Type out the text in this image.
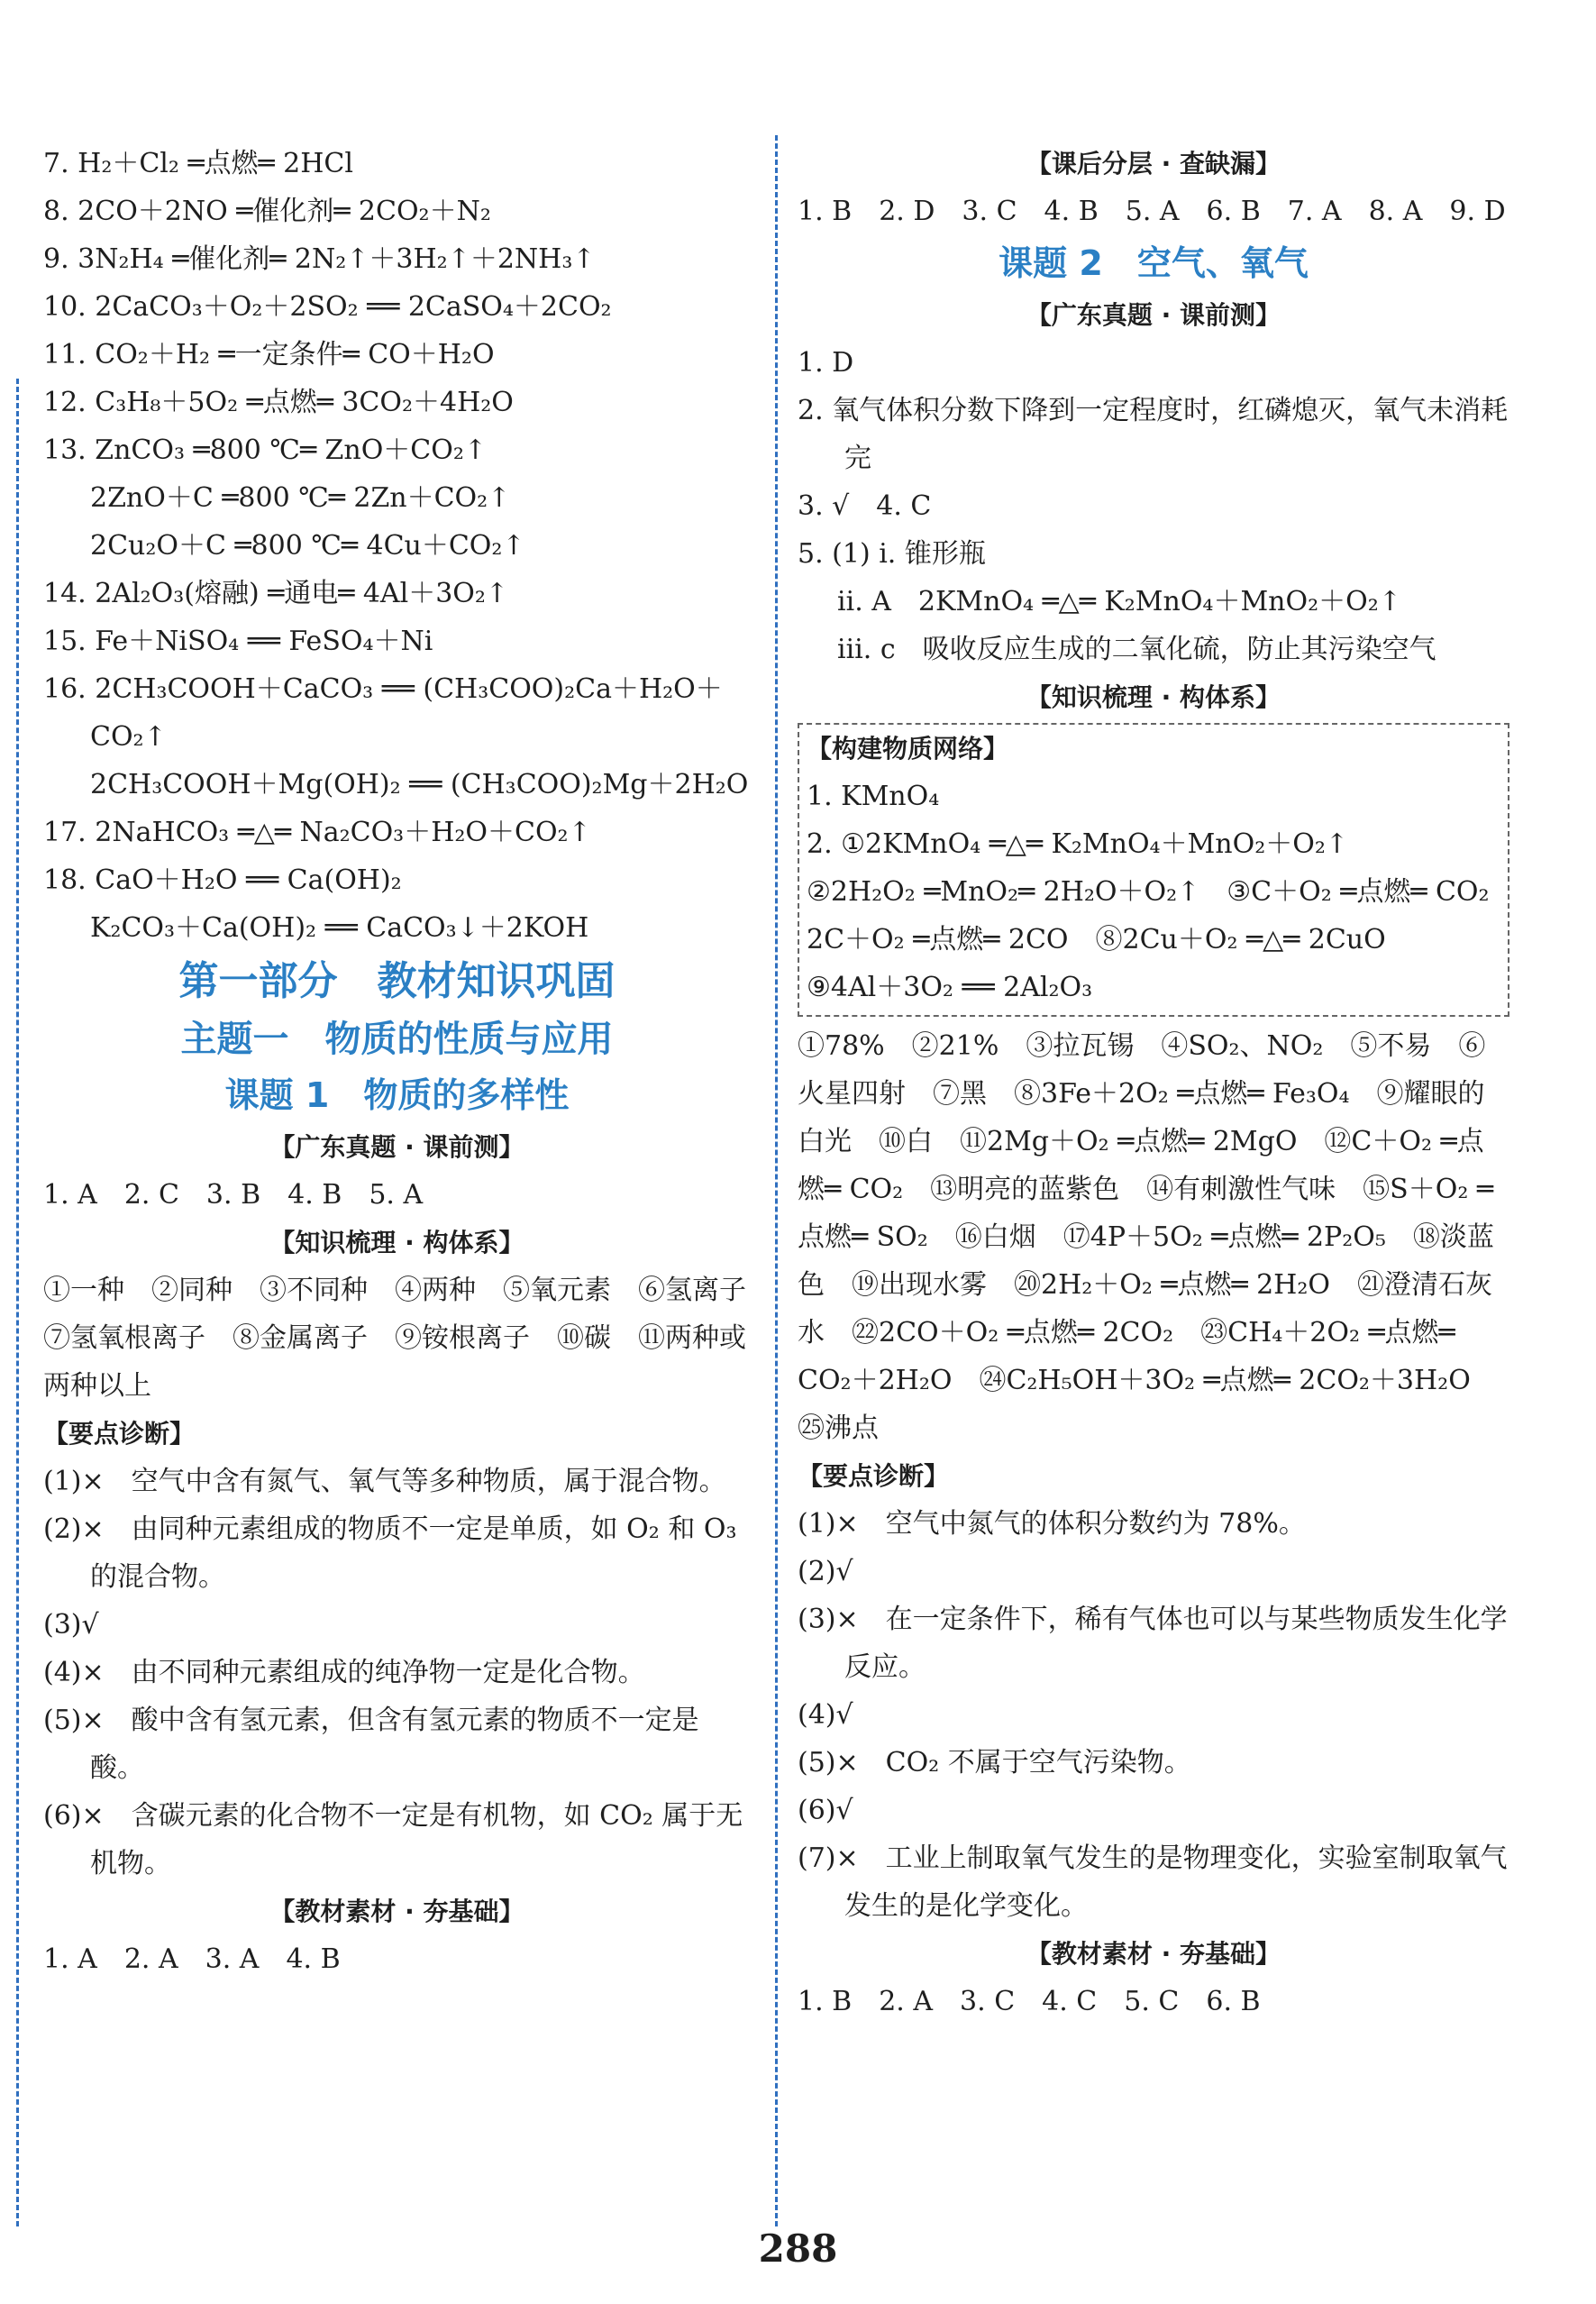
7. H₂＋Cl₂ ═点燃═ 2HCl
8. 2CO＋2NO ═催化剂═ 2CO₂＋N₂
9. 3N₂H₄ ═催化剂═ 2N₂↑＋3H₂↑＋2NH₃↑
10. 2CaCO₃＋O₂＋2SO₂ ══ 2CaSO₄＋2CO₂
11. CO₂＋H₂ ═一定条件═ CO＋H₂O
12. C₃H₈＋5O₂ ═点燃═ 3CO₂＋4H₂O
13. ZnCO₃ ═800 ℃═ ZnO＋CO₂↑
2ZnO＋C ═800 ℃═ 2Zn＋CO₂↑
2Cu₂O＋C ═800 ℃═ 4Cu＋CO₂↑
14. 2Al₂O₃(熔融) ═通电═ 4Al＋3O₂↑
15. Fe＋NiSO₄ ══ FeSO₄＋Ni
16. 2CH₃COOH＋CaCO₃ ══ (CH₃COO)₂Ca＋H₂O＋CO₂↑
2CH₃COOH＋Mg(OH)₂ ══ (CH₃COO)₂Mg＋2H₂O
17. 2NaHCO₃ ═△═ Na₂CO₃＋H₂O＋CO₂↑
18. CaO＋H₂O ══ Ca(OH)₂
K₂CO₃＋Ca(OH)₂ ══ CaCO₃↓＋2KOH
第一部分　教材知识巩固
主题一　物质的性质与应用
课题 1　物质的多样性
【广东真题 · 课前测】
1. A　2. C　3. B　4. B　5. A
【知识梳理 · 构体系】
①一种　②同种　③不同种　④两种　⑤氧元素　⑥氢离子　⑦氢氧根离子　⑧金属离子　⑨铵根离子　⑩碳　⑪两种或两种以上
【要点诊断】
(1)×　空气中含有氮气、氧气等多种物质，属于混合物。
(2)×　由同种元素组成的物质不一定是单质，如 O₂ 和 O₃ 的混合物。
(3)√
(4)×　由不同种元素组成的纯净物一定是化合物。
(5)×　酸中含有氢元素，但含有氢元素的物质不一定是酸。
(6)×　含碳元素的化合物不一定是有机物，如 CO₂ 属于无机物。
【教材素材 · 夯基础】
1. A　2. A　3. A　4. B
【课后分层 · 查缺漏】
1. B　2. D　3. C　4. B　5. A　6. B　7. A　8. A　9. D
课题 2　空气、氧气
【广东真题 · 课前测】
1. D
2. 氧气体积分数下降到一定程度时，红磷熄灭，氧气未消耗完
3. √　4. C
5. (1) ⅰ. 锥形瓶
ⅱ. A　2KMnO₄ ═△═ K₂MnO₄＋MnO₂＋O₂↑
ⅲ. c　吸收反应生成的二氧化硫，防止其污染空气
【知识梳理 · 构体系】
【构建物质网络】
1. KMnO₄
2. ①2KMnO₄ ═△═ K₂MnO₄＋MnO₂＋O₂↑
②2H₂O₂ ═MnO₂═ 2H₂O＋O₂↑　③C＋O₂ ═点燃═ CO₂
2C＋O₂ ═点燃═ 2CO　⑧2Cu＋O₂ ═△═ 2CuO
⑨4Al＋3O₂ ══ 2Al₂O₃
①78%　②21%　③拉瓦锡　④SO₂、NO₂　⑤不易　⑥火星四射　⑦黑　⑧3Fe＋2O₂ ═点燃═ Fe₃O₄　⑨耀眼的白光　⑩白　⑪2Mg＋O₂ ═点燃═ 2MgO　⑫C＋O₂ ═点燃═ CO₂　⑬明亮的蓝紫色　⑭有刺激性气味　⑮S＋O₂ ═点燃═ SO₂　⑯白烟　⑰4P＋5O₂ ═点燃═ 2P₂O₅　⑱淡蓝色　⑲出现水雾　⑳2H₂＋O₂ ═点燃═ 2H₂O　㉑澄清石灰水　㉒2CO＋O₂ ═点燃═ 2CO₂　㉓CH₄＋2O₂ ═点燃═ CO₂＋2H₂O　㉔C₂H₅OH＋3O₂ ═点燃═ 2CO₂＋3H₂O　㉕沸点
【要点诊断】
(1)×　空气中氮气的体积分数约为 78%。
(2)√
(3)×　在一定条件下，稀有气体也可以与某些物质发生化学反应。
(4)√
(5)×　CO₂ 不属于空气污染物。
(6)√
(7)×　工业上制取氧气发生的是物理变化，实验室制取氧气发生的是化学变化。
【教材素材 · 夯基础】
1. B　2. A　3. C　4. C　5. C　6. B
288
